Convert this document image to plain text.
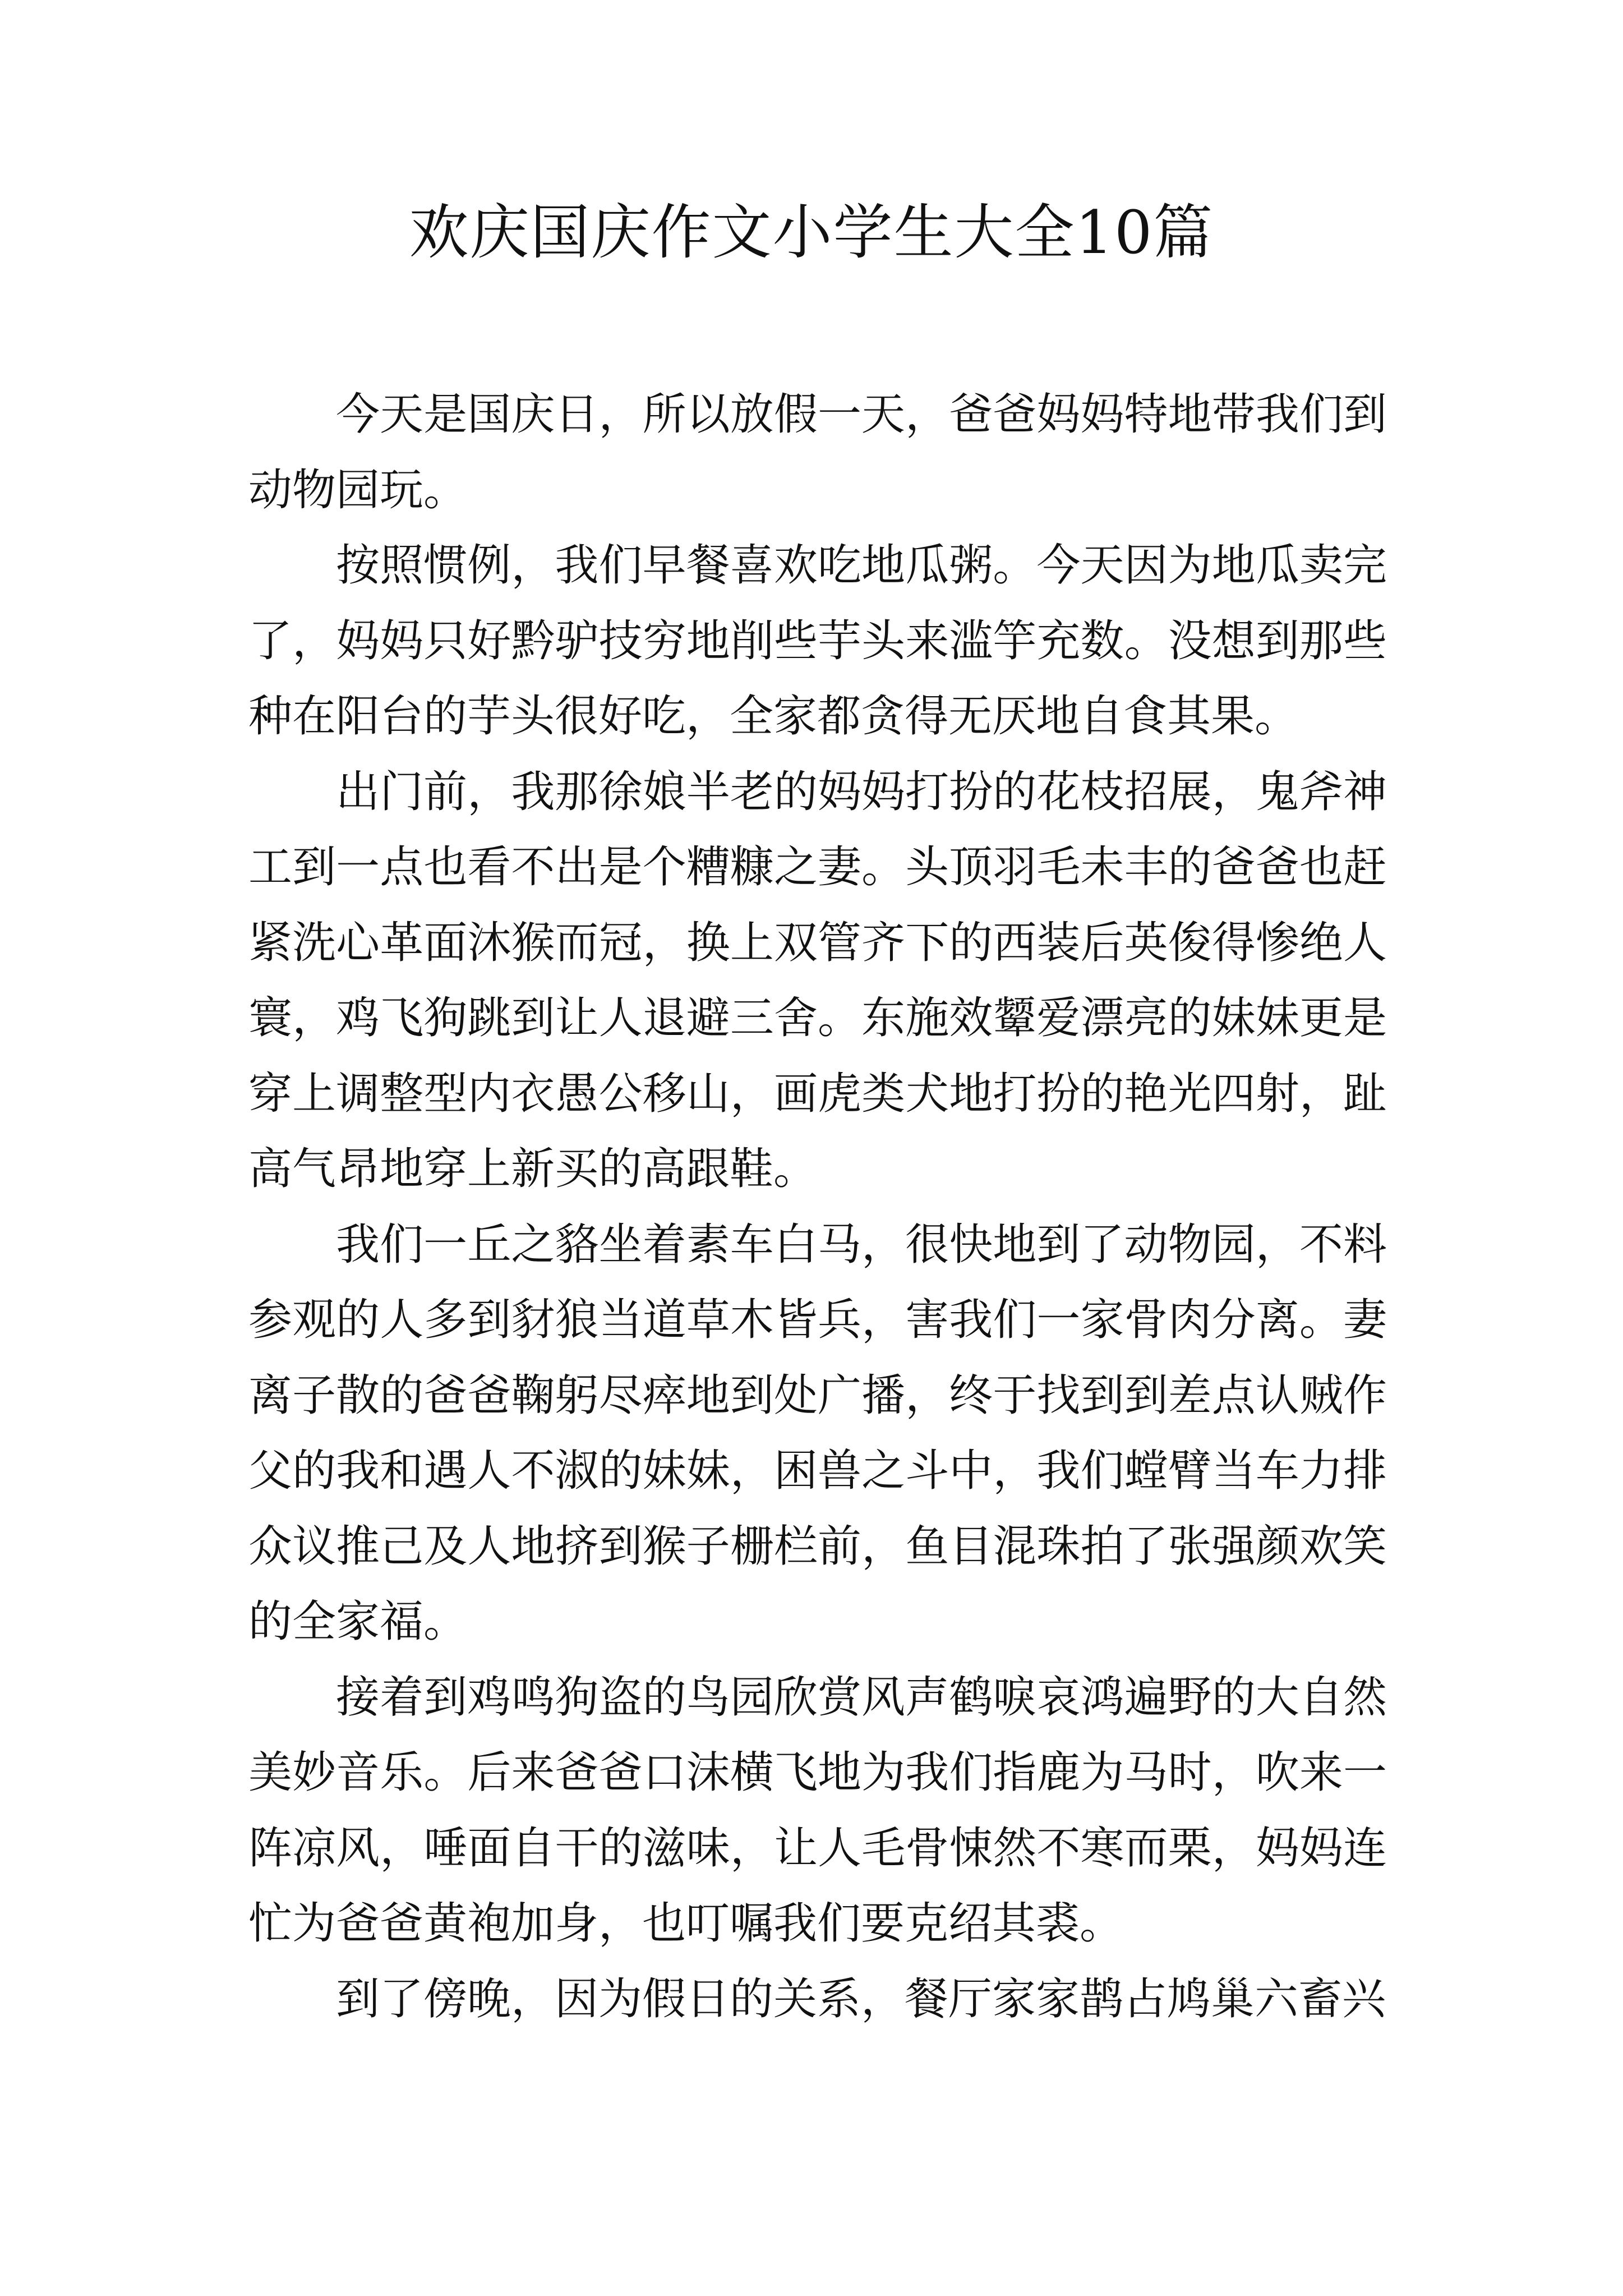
欢庆国庆作文小学生大全10篇

今天是国庆日，所以放假一天，爸爸妈妈特地带我们到动物园玩。

按照惯例，我们早餐喜欢吃地瓜粥。今天因为地瓜卖完了，妈妈只好黔驴技穷地削些芋头来滥竽充数。没想到那些种在阳台的芋头很好吃，全家都贪得无厌地自食其果。

出门前，我那徐娘半老的妈妈打扮的花枝招展，鬼斧神工到一点也看不出是个糟糠之妻。头顶羽毛未丰的爸爸也赶紧洗心革面沐猴而冠，换上双管齐下的西装后英俊得惨绝人寰，鸡飞狗跳到让人退避三舍。东施效颦爱漂亮的妹妹更是穿上调整型内衣愚公移山，画虎类犬地打扮的艳光四射，趾高气昂地穿上新买的高跟鞋。

我们一丘之貉坐着素车白马，很快地到了动物园，不料参观的人多到豺狼当道草木皆兵，害我们一家骨肉分离。妻离子散的爸爸鞠躬尽瘁地到处广播，终于找到到差点认贼作父的我和遇人不淑的妹妹，困兽之斗中，我们螳臂当车力排众议推己及人地挤到猴子栅栏前，鱼目混珠拍了张强颜欢笑的全家福。

接着到鸡鸣狗盗的鸟园欣赏风声鹤唳哀鸿遍野的大自然美妙音乐。后来爸爸口沫横飞地为我们指鹿为马时，吹来一阵凉风，唾面自干的滋味，让人毛骨悚然不寒而栗，妈妈连忙为爸爸黄袍加身，也叮嘱我们要克绍其裘。

到了傍晚，因为假日的关系，餐厅家家鹊占鸠巢六畜兴
